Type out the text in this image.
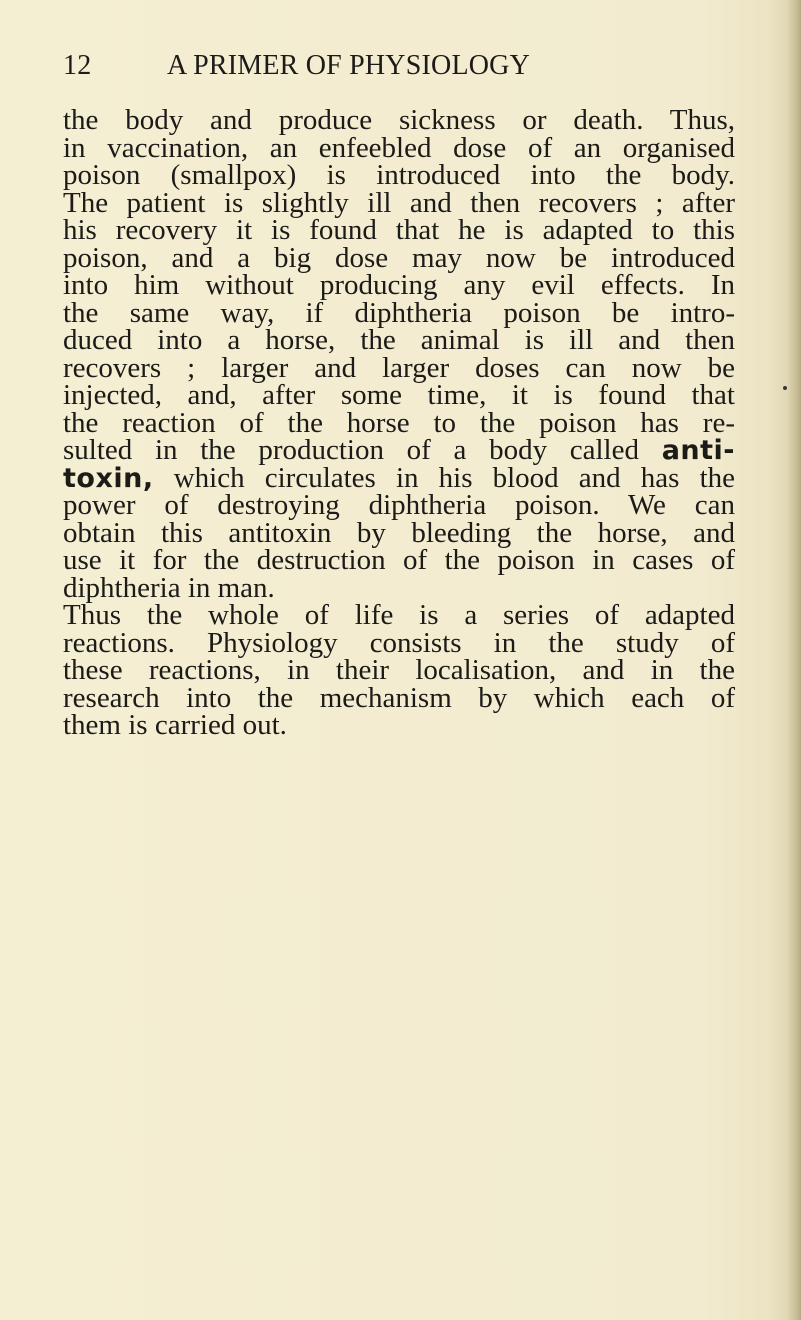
12	A PRIMER OF PHYSIOLOGY
the body and produce sickness or death. Thus,
in vaccination, an enfeebled dose of an organised
poison (smallpox) is introduced into the body.
The patient is slightly ill and then recovers ; after
his recovery it is found that he is adapted to this
poison, and a big dose may now be introduced
into him without producing any evil effects. In
the same way, if diphtheria poison be intro-
duced into a horse, the animal is ill and then
recovers ; larger and larger doses can now be
injected, and, after some time, it is found that
the reaction of the horse to the poison has re-
sulted in the production of a body called anti-
toxin, which circulates in his blood and has the
power of destroying diphtheria poison. We can
obtain this antitoxin by bleeding the horse, and
use it for the destruction of the poison in cases of
diphtheria in man.
Thus the whole of life is a series of adapted
reactions. Physiology consists in the study of
these reactions, in their localisation, and in the
research into the mechanism by which each of
them is carried out.
